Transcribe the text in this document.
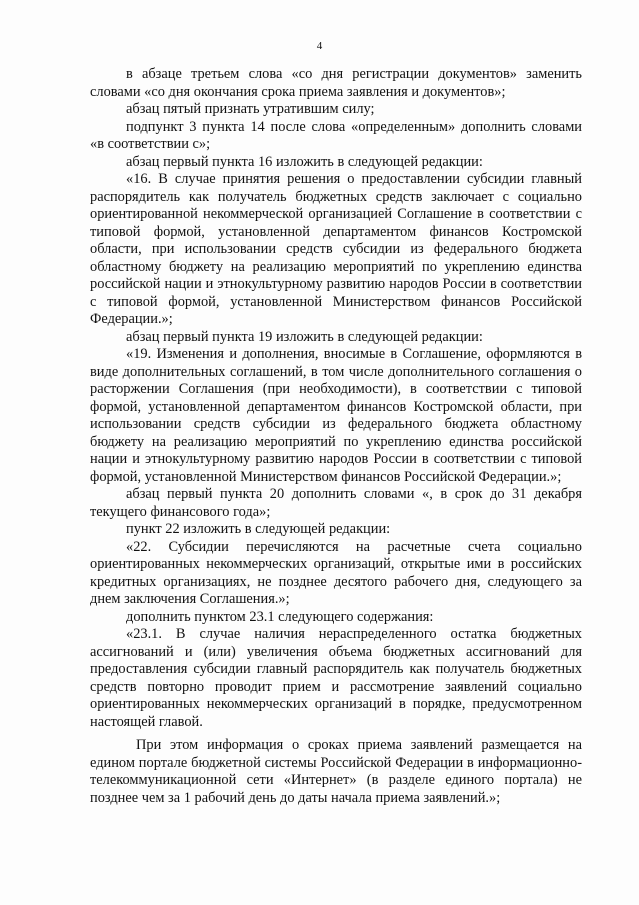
4

в абзаце третьем слова «со дня регистрации документов» заменить словами «со дня окончания срока приема заявления и документов»;

абзац пятый признать утратившим силу;

подпункт 3 пункта 14 после слова «определенным» дополнить словами «в соответствии с»;

абзац первый пункта 16 изложить в следующей редакции:

«16. В случае принятия решения о предоставлении субсидии главный распорядитель как получатель бюджетных средств заключает с социально ориентированной некоммерческой организацией Соглашение в соответствии с типовой формой, установленной департаментом финансов Костромской области, при использовании средств субсидии из федерального бюджета областному бюджету на реализацию мероприятий по укреплению единства российской нации и этнокультурному развитию народов России в соответствии с типовой формой, установленной Министерством финансов Российской Федерации.»;

абзац первый пункта 19 изложить в следующей редакции:

«19. Изменения и дополнения, вносимые в Соглашение, оформляются в виде дополнительных соглашений, в том числе дополнительного соглашения о расторжении Соглашения (при необходимости), в соответствии с типовой формой, установленной департаментом финансов Костромской области, при использовании средств субсидии из федерального бюджета областному бюджету на реализацию мероприятий по укреплению единства российской нации и этнокультурному развитию народов России в соответствии с типовой формой, установленной Министерством финансов Российской Федерации.»;

абзац первый пункта 20 дополнить словами «, в срок до 31 декабря текущего финансового года»;

пункт 22 изложить в следующей редакции:

«22. Субсидии перечисляются на расчетные счета социально ориентированных некоммерческих организаций, открытые ими в российских кредитных организациях, не позднее десятого рабочего дня, следующего за днем заключения Соглашения.»;

дополнить пунктом 23.1 следующего содержания:

«23.1. В случае наличия нераспределенного остатка бюджетных ассигнований и (или) увеличения объема бюджетных ассигнований для предоставления субсидии главный распорядитель как получатель бюджетных средств повторно проводит прием и рассмотрение заявлений социально ориентированных некоммерческих организаций в порядке, предусмотренном настоящей главой.

При этом информация о сроках приема заявлений размещается на едином портале бюджетной системы Российской Федерации в информационно-телекоммуникационной сети «Интернет» (в разделе единого портала) не позднее чем за 1 рабочий день до даты начала приема заявлений.»;
